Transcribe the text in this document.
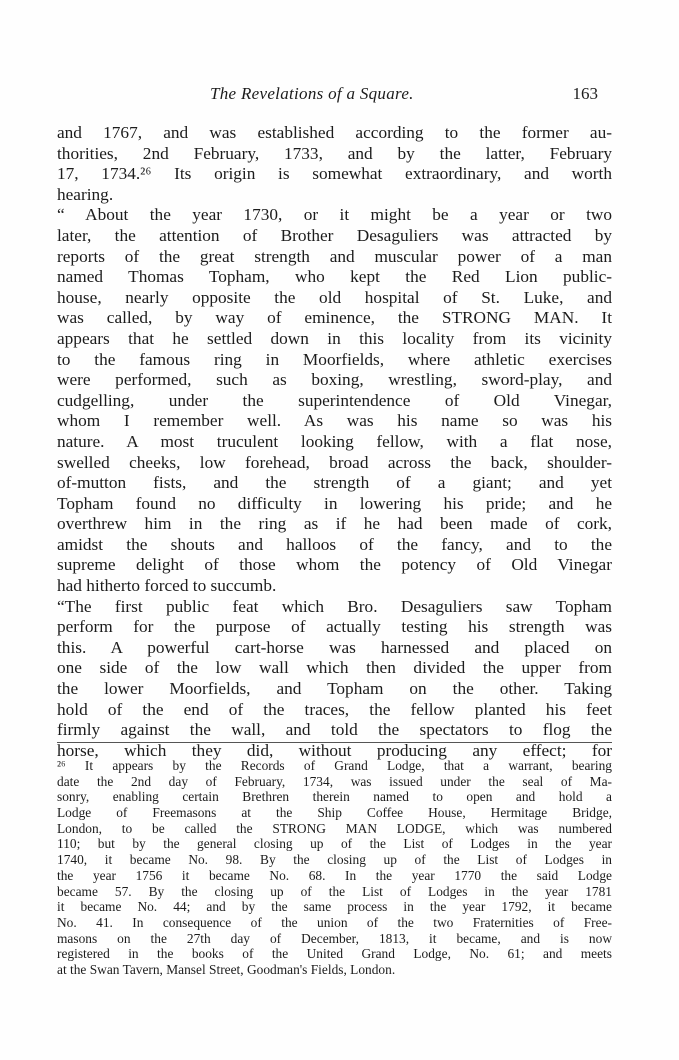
The Revelations of a Square.	163
and 1767, and was established according to the former au-
thorities, 2nd February, 1733, and by the latter, February
17, 1734.²⁶ Its origin is somewhat extraordinary, and worth
hearing.
“ About the year 1730, or it might be a year or two
later, the attention of Brother Desaguliers was attracted by
reports of the great strength and muscular power of a man
named Thomas Topham, who kept the Red Lion public-
house, nearly opposite the old hospital of St. Luke, and
was called, by way of eminence, the STRONG MAN. It
appears that he settled down in this locality from its vicinity
to the famous ring in Moorfields, where athletic exercises
were performed, such as boxing, wrestling, sword-play, and
cudgelling, under the superintendence of Old Vinegar,
whom I remember well. As was his name so was his
nature. A most truculent looking fellow, with a flat nose,
swelled cheeks, low forehead, broad across the back, shoulder-
of-mutton fists, and the strength of a giant; and yet
Topham found no difficulty in lowering his pride; and he
overthrew him in the ring as if he had been made of cork,
amidst the shouts and halloos of the fancy, and to the
supreme delight of those whom the potency of Old Vinegar
had hitherto forced to succumb.
“The first public feat which Bro. Desaguliers saw Topham
perform for the purpose of actually testing his strength was
this. A powerful cart-horse was harnessed and placed on
one side of the low wall which then divided the upper from
the lower Moorfields, and Topham on the other. Taking
hold of the end of the traces, the fellow planted his feet
firmly against the wall, and told the spectators to flog the
horse, which they did, without producing any effect; for
²⁶ It appears by the Records of Grand Lodge, that a warrant, bearing
date the 2nd day of February, 1734, was issued under the seal of Ma-
sonry, enabling certain Brethren therein named to open and hold a
Lodge of Freemasons at the Ship Coffee House, Hermitage Bridge,
London, to be called the STRONG MAN LODGE, which was numbered
110; but by the general closing up of the List of Lodges in the year
1740, it became No. 98. By the closing up of the List of Lodges in
the year 1756 it became No. 68. In the year 1770 the said Lodge
became 57. By the closing up of the List of Lodges in the year 1781
it became No. 44; and by the same process in the year 1792, it became
No. 41. In consequence of the union of the two Fraternities of Free-
masons on the 27th day of December, 1813, it became, and is now
registered in the books of the United Grand Lodge, No. 61; and meets
at the Swan Tavern, Mansel Street, Goodman's Fields, London.
